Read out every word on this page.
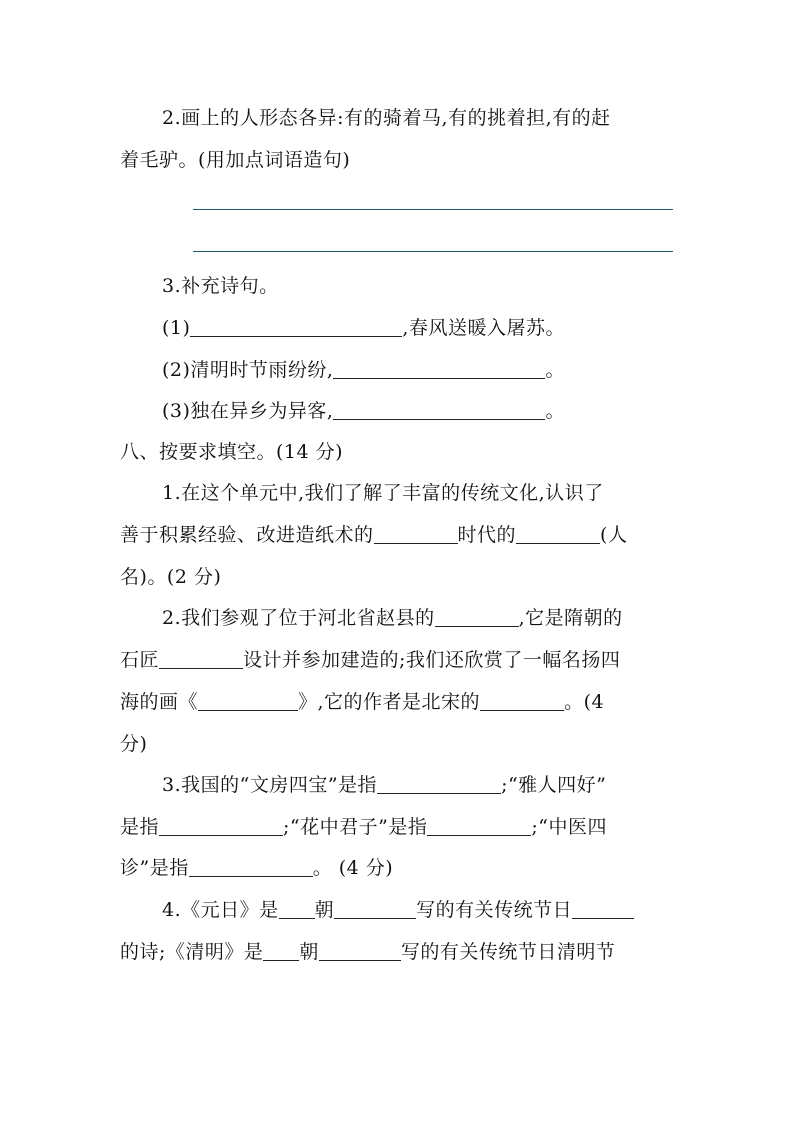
2.画上的人形态各异:有的骑着马,有的挑着担,有的赶
着毛驴。(用加点词语造句)
3.补充诗句。
(1)	,春风送暖入屠苏。
(2)清明时节雨纷纷,	。
(3)独在异乡为异客,	。
八、按要求填空。(14 分)
1.在这个单元中,我们了解了丰富的传统文化,认识了
善于积累经验、改进造纸术的	时代的	(人
名)。(2 分)
2.我们参观了位于河北省赵县的	,它是隋朝的
石匠	设计并参加建造的;我们还欣赏了一幅名扬四
海的画《	》,它的作者是北宋的	。(4
分)
3.我国的“文房四宝”是指	;“雅人四好”
是指	;“花中君子”是指	;“中医四
诊”是指	。 (4 分)
4.《元日》是 朝	写的有关传统节日
的诗;《清明》是 朝	写的有关传统节日清明节
